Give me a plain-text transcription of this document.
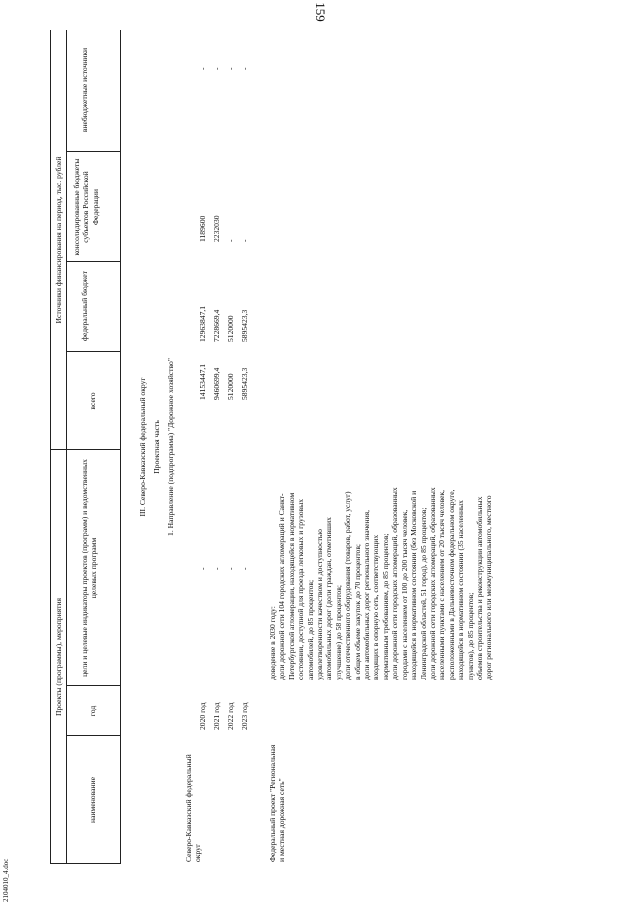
159
2104010_4.doc
Проекты (программы), мероприятия
Источники финансирования на период, тыс. рублей
наименование
год
цели и целевые индикаторы проектов (программ) и ведомственных целевых программ
всего
федеральный бюджет
консолидированные бюджеты субъектов Российской Федерации
внебюджетные источники
III. Северо-Кавказский федеральный округ Проектная часть 1. Направление (подпрограмма) "Дорожное хозяйство"
Северо-Кавказский федеральный округ
2020 год
-
14153447,1
12963847,1
1189600
-
2021 год
-
9460699,4
7228669,4
2232030
-
2022 год
-
5120000
5120000
-
-
2023 год
-
5895423,3
5895423,3
-
-
Федеральный проект "Региональная и местная дорожная сеть"
доведение в 2030 году: доли дорожной сети 104 городских агломераций и Санкт- Петербургской агломерации, находящейся в нормативном состоянии, доступной для проезда легковых и грузовых автомобилей, до 85 процентов; удовлетворенности качеством и доступностью автомобильных дорог (доли граждан, отметивших улучшение) до 58 процентов; доли отечественного оборудования (товаров, работ, услуг) в общем объеме закупок до 70 процентов; доли автомобильных дорог регионального значения, входящих в опорную сеть, соответствующих нормативным требованиям, до 85 процентов; доли дорожной сети городских агломераций, образованных городами с населением от 100 до 200 тысяч человек, находящейся в нормативном состоянии (без Московской и Ленинградской областей, 51 город), до 85 процентов; доли дорожной сети городских агломераций, образованных населенными пунктами с населением от 20 тысяч человек, расположенными в Дальневосточном федеральном округе, находящейся в нормативном состоянии (35 населенных пунктов), до 85 процентов; объемов строительства и реконструкции автомобильных дорог регионального или межмуниципального, местного
